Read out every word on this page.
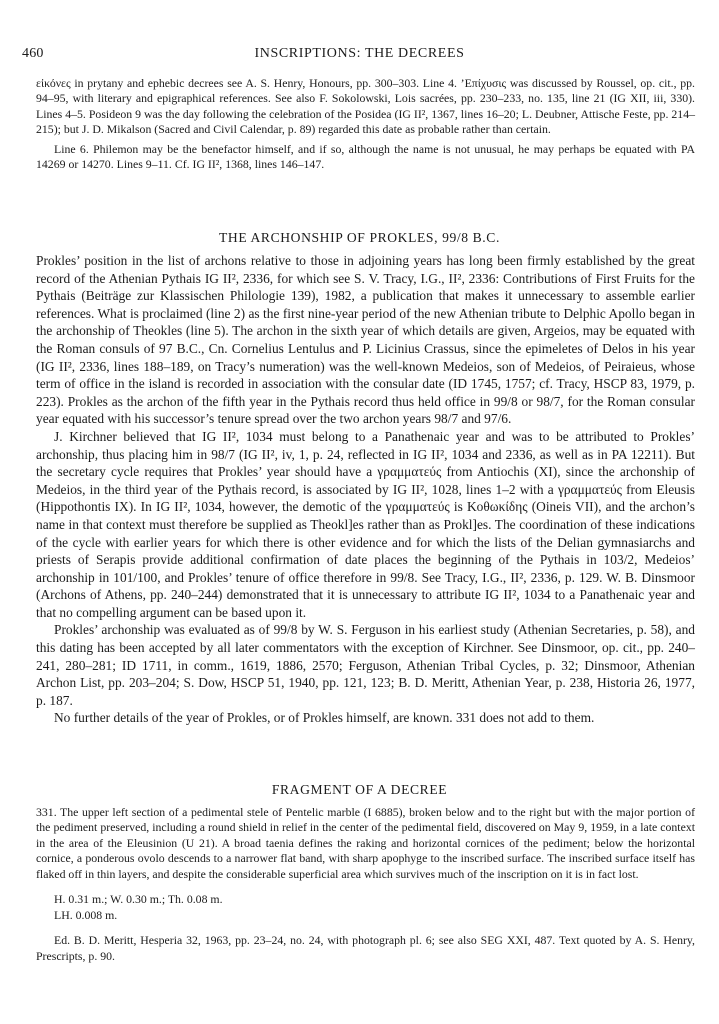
460	INSCRIPTIONS: THE DECREES

εἰκόνες in prytany and ephebic decrees see A. S. Henry, Honours, pp. 300–303. Line 4. ’Επίχυσις was discussed by Roussel, op. cit., pp. 94–95, with literary and epigraphical references. See also F. Sokolowski, Lois sacrées, pp. 230–233, no. 135, line 21 (IG XII, iii, 330). Lines 4–5. Posideon 9 was the day following the celebration of the Posidea (IG II², 1367, lines 16–20; L. Deubner, Attische Feste, pp. 214–215); but J. D. Mikalson (Sacred and Civil Calendar, p. 89) regarded this date as probable rather than certain.

Line 6. Philemon may be the benefactor himself, and if so, although the name is not unusual, he may perhaps be equated with PA 14269 or 14270. Lines 9–11. Cf. IG II², 1368, lines 146–147.

THE ARCHONSHIP OF PROKLES, 99/8 B.C.

Prokles’ position in the list of archons relative to those in adjoining years has long been firmly established by the great record of the Athenian Pythais IG II², 2336, for which see S. V. Tracy, I.G., II², 2336: Contributions of First Fruits for the Pythais (Beiträge zur Klassischen Philologie 139), 1982, a publication that makes it unnecessary to assemble earlier references. What is proclaimed (line 2) as the first nine-year period of the new Athenian tribute to Delphic Apollo began in the archonship of Theokles (line 5). The archon in the sixth year of which details are given, Argeios, may be equated with the Roman consuls of 97 B.C., Cn. Cornelius Lentulus and P. Licinius Crassus, since the epimeletes of Delos in his year (IG II², 2336, lines 188–189, on Tracy’s numeration) was the well-known Medeios, son of Medeios, of Peiraieus, whose term of office in the island is recorded in association with the consular date (ID 1745, 1757; cf. Tracy, HSCP 83, 1979, p. 223). Prokles as the archon of the fifth year in the Pythais record thus held office in 99/8 or 98/7, for the Roman consular year equated with his successor’s tenure spread over the two archon years 98/7 and 97/6.

J. Kirchner believed that IG II², 1034 must belong to a Panathenaic year and was to be attributed to Prokles’ archonship, thus placing him in 98/7 (IG II², iv, 1, p. 24, reflected in IG II², 1034 and 2336, as well as in PA 12211). But the secretary cycle requires that Prokles’ year should have a γραμματεύς from Antiochis (XI), since the archonship of Medeios, in the third year of the Pythais record, is associated by IG II², 1028, lines 1–2 with a γραμματεύς from Eleusis (Hippothontis IX). In IG II², 1034, however, the demotic of the γραμματεύς is Κοθωκίδης (Oineis VII), and the archon’s name in that context must therefore be supplied as Theokl]es rather than as Prokl]es. The coordination of these indications of the cycle with earlier years for which there is other evidence and for which the lists of the Delian gymnasiarchs and priests of Serapis provide additional confirmation of date places the beginning of the Pythais in 103/2, Medeios’ archonship in 101/100, and Prokles’ tenure of office therefore in 99/8. See Tracy, I.G., II², 2336, p. 129. W. B. Dinsmoor (Archons of Athens, pp. 240–244) demonstrated that it is unnecessary to attribute IG II², 1034 to a Panathenaic year and that no compelling argument can be based upon it.

Prokles’ archonship was evaluated as of 99/8 by W. S. Ferguson in his earliest study (Athenian Secretaries, p. 58), and this dating has been accepted by all later commentators with the exception of Kirchner. See Dinsmoor, op. cit., pp. 240–241, 280–281; ID 1711, in comm., 1619, 1886, 2570; Ferguson, Athenian Tribal Cycles, p. 32; Dinsmoor, Athenian Archon List, pp. 203–204; S. Dow, HSCP 51, 1940, pp. 121, 123; B. D. Meritt, Athenian Year, p. 238, Historia 26, 1977, p. 187.

No further details of the year of Prokles, or of Prokles himself, are known. 331 does not add to them.

FRAGMENT OF A DECREE

331. The upper left section of a pedimental stele of Pentelic marble (I 6885), broken below and to the right but with the major portion of the pediment preserved, including a round shield in relief in the center of the pedimental field, discovered on May 9, 1959, in a late context in the area of the Eleusinion (U 21). A broad taenia defines the raking and horizontal cornices of the pediment; below the horizontal cornice, a ponderous ovolo descends to a narrower flat band, with sharp apophyge to the inscribed surface. The inscribed surface itself has flaked off in thin layers, and despite the considerable superficial area which survives much of the inscription on it is in fact lost.

H. 0.31 m.; W. 0.30 m.; Th. 0.08 m.

LH. 0.008 m.

Ed. B. D. Meritt, Hesperia 32, 1963, pp. 23–24, no. 24, with photograph pl. 6; see also SEG XXI, 487. Text quoted by A. S. Henry, Prescripts, p. 90.
